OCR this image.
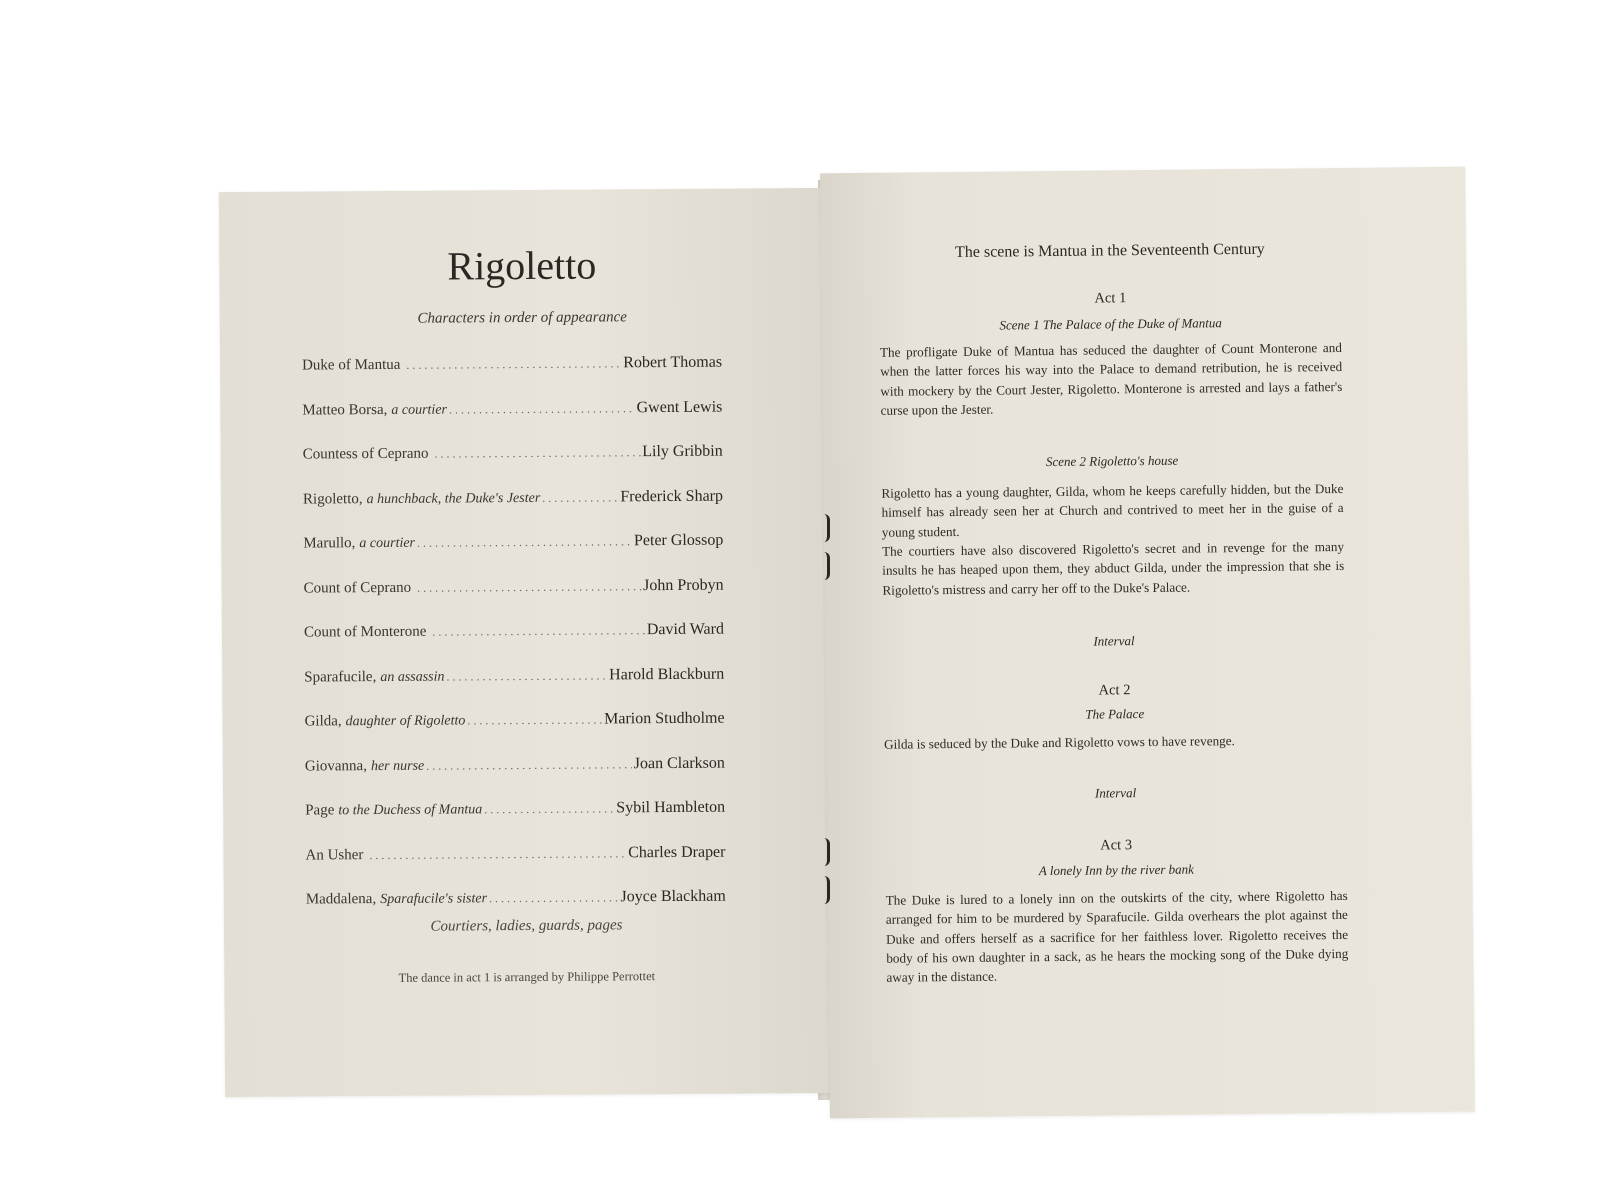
Rigoletto
Characters in order of appearance
Duke of Mantua .....	Robert Thomas
Matteo Borsa, a courtier .....	Gwent Lewis
Countess of Ceprano .....	Lily Gribbin
Rigoletto, a hunchback, the Duke's Jester .....	Frederick Sharp
Marullo, a courtier .....	Peter Glossop
Count of Ceprano .....	John Probyn
Count of Monterone .....	David Ward
Sparafucile, an assassin .....	Harold Blackburn
Gilda, daughter of Rigoletto .....	Marion Studholme
Giovanna, her nurse .....	Joan Clarkson
Page to the Duchess of Mantua .....	Sybil Hambleton
An Usher .....	Charles Draper
Maddalena, Sparafucile's sister .....	Joyce Blackham
Courtiers, ladies, guards, pages
The dance in act 1 is arranged by Philippe Perrottet
The scene is Mantua in the Seventeenth Century
Act 1
Scene 1 The Palace of the Duke of Mantua
The profligate Duke of Mantua has seduced the daughter of Count Monterone and when the latter forces his way into the Palace to demand retribution, he is received with mockery by the Court Jester, Rigoletto. Monterone is arrested and lays a father's curse upon the Jester.
Scene 2 Rigoletto's house
Rigoletto has a young daughter, Gilda, whom he keeps carefully hidden, but the Duke himself has already seen her at Church and contrived to meet her in the guise of a young student.
The courtiers have also discovered Rigoletto's secret and in revenge for the many insults he has heaped upon them, they abduct Gilda, under the impression that she is Rigoletto's mistress and carry her off to the Duke's Palace.
Interval
Act 2
The Palace
Gilda is seduced by the Duke and Rigoletto vows to have revenge.
Interval
Act 3
A lonely Inn by the river bank
The Duke is lured to a lonely inn on the outskirts of the city, where Rigoletto has arranged for him to be murdered by Sparafucile. Gilda overhears the plot against the Duke and offers herself as a sacrifice for her faithless lover. Rigoletto receives the body of his own daughter in a sack, as he hears the mocking song of the Duke dying away in the distance.
